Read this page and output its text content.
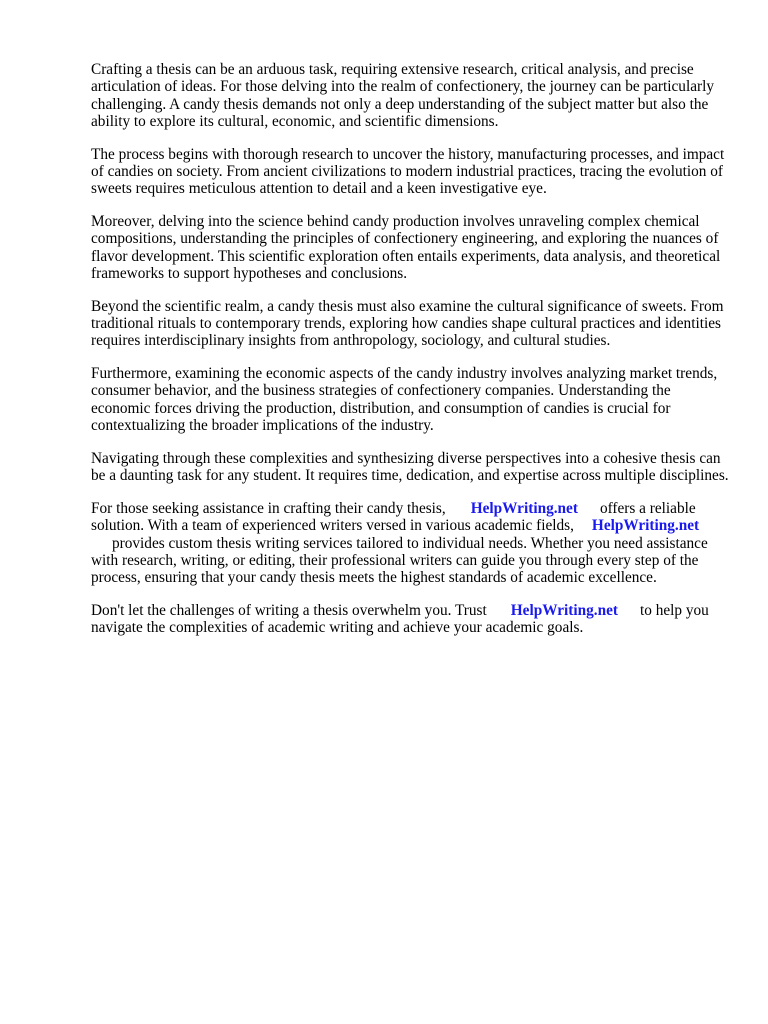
Crafting a thesis can be an arduous task, requiring extensive research, critical analysis, and precise articulation of ideas. For those delving into the realm of confectionery, the journey can be particularly challenging. A candy thesis demands not only a deep understanding of the subject matter but also the ability to explore its cultural, economic, and scientific dimensions.

The process begins with thorough research to uncover the history, manufacturing processes, and impact of candies on society. From ancient civilizations to modern industrial practices, tracing the evolution of sweets requires meticulous attention to detail and a keen investigative eye.

Moreover, delving into the science behind candy production involves unraveling complex chemical compositions, understanding the principles of confectionery engineering, and exploring the nuances of flavor development. This scientific exploration often entails experiments, data analysis, and theoretical frameworks to support hypotheses and conclusions.

Beyond the scientific realm, a candy thesis must also examine the cultural significance of sweets. From traditional rituals to contemporary trends, exploring how candies shape cultural practices and identities requires interdisciplinary insights from anthropology, sociology, and cultural studies.

Furthermore, examining the economic aspects of the candy industry involves analyzing market trends, consumer behavior, and the business strategies of confectionery companies. Understanding the economic forces driving the production, distribution, and consumption of candies is crucial for contextualizing the broader implications of the industry.

Navigating through these complexities and synthesizing diverse perspectives into a cohesive thesis can be a daunting task for any student. It requires time, dedication, and expertise across multiple disciplines.

For those seeking assistance in crafting their candy thesis, HelpWriting.net offers a reliable solution. With a team of experienced writers versed in various academic fields, HelpWriting.net
provides custom thesis writing services tailored to individual needs. Whether you need assistance with research, writing, or editing, their professional writers can guide you through every step of the process, ensuring that your candy thesis meets the highest standards of academic excellence.

Don't let the challenges of writing a thesis overwhelm you. Trust HelpWriting.net to help you navigate the complexities of academic writing and achieve your academic goals.
